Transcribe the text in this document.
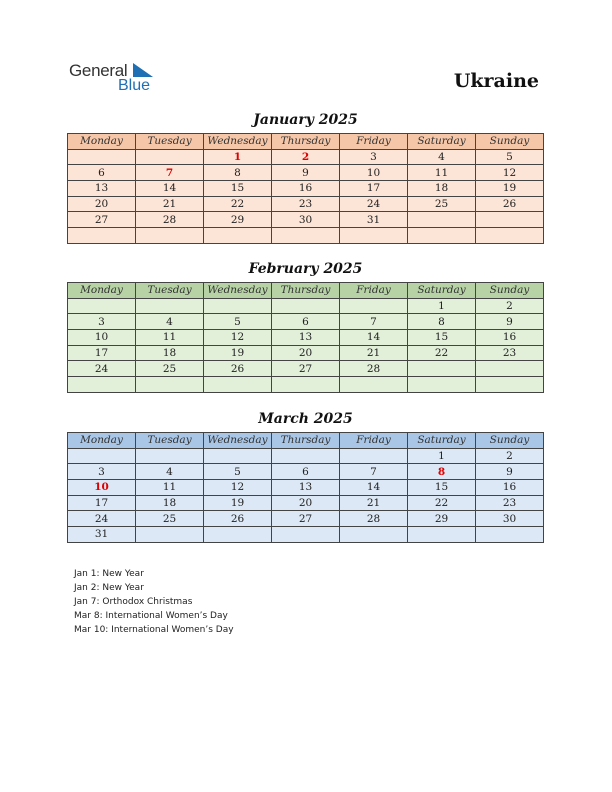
General
Blue	Ukraine
January 2025
Monday	Tuesday	Wednesday	Thursday	Friday	Saturday	Sunday
		1	2	3	4	5
6	7	8	9	10	11	12
13	14	15	16	17	18	19
20	21	22	23	24	25	26
27	28	29	30	31		

February 2025
Monday	Tuesday	Wednesday	Thursday	Friday	Saturday	Sunday
					1	2
3	4	5	6	7	8	9
10	11	12	13	14	15	16
17	18	19	20	21	22	23
24	25	26	27	28		

March 2025
Monday	Tuesday	Wednesday	Thursday	Friday	Saturday	Sunday
					1	2
3	4	5	6	7	8	9
10	11	12	13	14	15	16
17	18	19	20	21	22	23
24	25	26	27	28	29	30
31						
Jan 1: New Year
Jan 2: New Year
Jan 7: Orthodox Christmas
Mar 8: International Women’s Day
Mar 10: International Women’s Day
